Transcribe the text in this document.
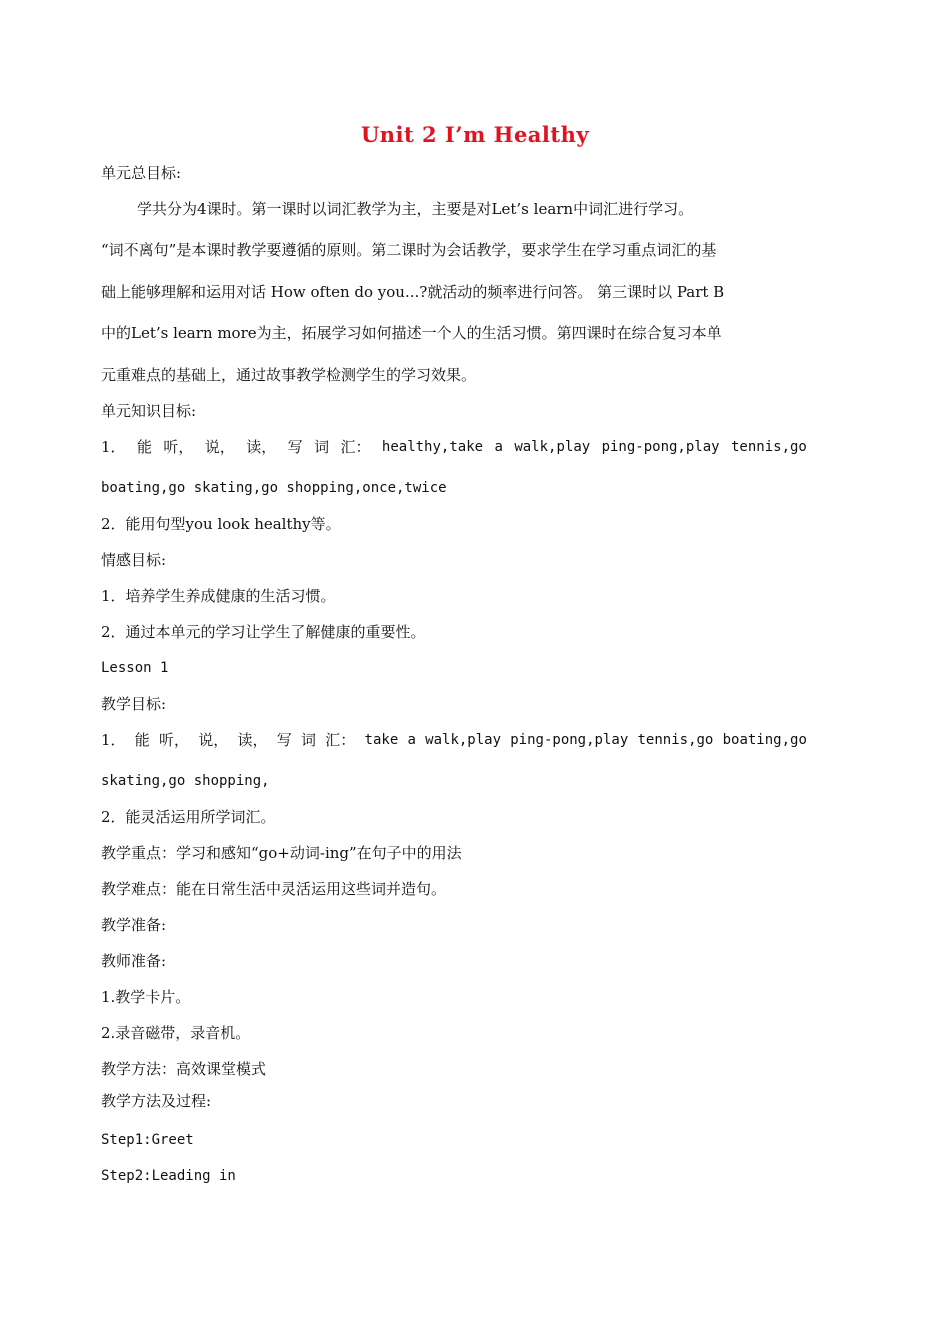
Unit 2 I’m Healthy
单元总目标:
学共分为4课时。第一课时以词汇教学为主，主要是对Let’s learn中词汇进行学习。
“词不离句”是本课时教学要遵循的原则。第二课时为会话教学，要求学生在学习重点词汇的基
础上能够理解和运用对话 How often do you...?就活动的频率进行问答。 第三课时以 Part B
中的Let’s learn more为主，拓展学习如何描述一个人的生活习惯。第四课时在综合复习本单
元重难点的基础上，通过故事教学检测学生的学习效果。
单元知识目标:
1． 能 听， 说， 读， 写 词 汇： healthy,take a walk,play ping-pong,play tennis,go
boating,go skating,go shopping,once,twice
2．能用句型you look healthy等。
情感目标:
1．培养学生养成健康的生活习惯。
2．通过本单元的学习让学生了解健康的重要性。
Lesson 1
教学目标:
1． 能 听， 说， 读， 写 词 汇： take a walk,play ping-pong,play tennis,go boating,go
skating,go shopping,
2．能灵活运用所学词汇。
教学重点：学习和感知“go+动词-ing”在句子中的用法
教学难点：能在日常生活中灵活运用这些词并造句。
教学准备:
教师准备:
1.教学卡片。
2.录音磁带，录音机。
教学方法：高效课堂模式
教学方法及过程:
Step1:Greet
Step2:Leading in
